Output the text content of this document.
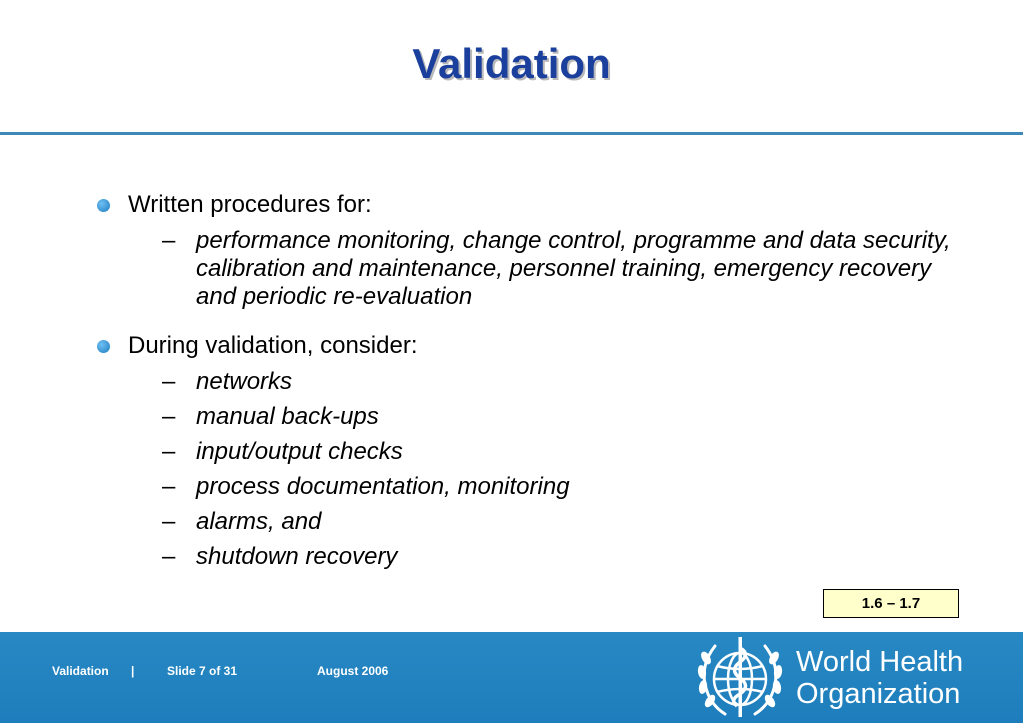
Validation
Written procedures for:
– performance monitoring, change control, programme and data security, calibration and maintenance, personnel training, emergency recovery and periodic re-evaluation
During validation, consider:
– networks
– manual back-ups
– input/output checks
– process documentation, monitoring
– alarms, and
– shutdown recovery
1.6 – 1.7
Validation |	Slide 7 of 31	August 2006	World Health
Organization
